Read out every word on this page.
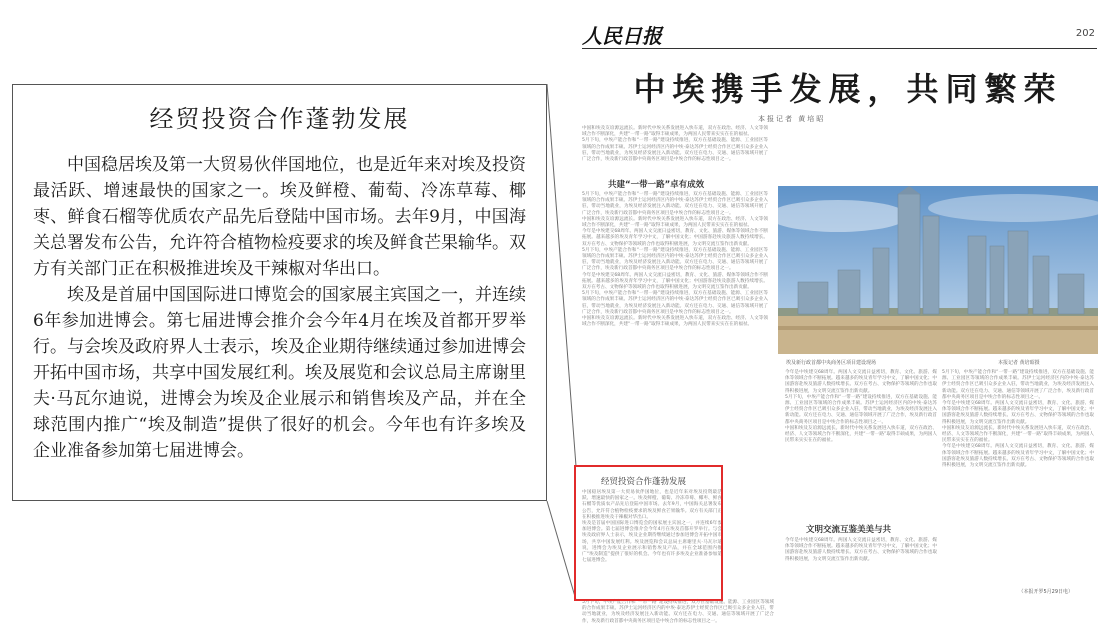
经贸投资合作蓬勃发展

中国稳居埃及第一大贸易伙伴国地位，也是近年来对埃及投资最活跃、增速最快的国家之一。埃及鲜橙、葡萄、冷冻草莓、椰枣、鲜食石榴等优质农产品先后登陆中国市场。去年9月，中国海关总署发布公告，允许符合植物检疫要求的埃及鲜食芒果输华。双方有关部门正在积极推进埃及干辣椒对华出口。

埃及是首届中国国际进口博览会的国家展主宾国之一，并连续6年参加进博会。第七届进博会推介会今年4月在埃及首都开罗举行。与会埃及政府界人士表示，埃及企业期待继续通过参加进博会开拓中国市场，共享中国发展红利。埃及展览和会议总局主席谢里夫·马瓦尔迪说，进博会为埃及企业展示和销售埃及产品，并在全球范围内推广“埃及制造”提供了很好的机会。今年也有许多埃及企业准备参加第七届进博会。

人民日报	202
中埃携手发展，共同繁荣
本报记者 黄培昭
中国和埃及友谊源远流长。新时代中埃关系发展进入快车道，双方在政治、经济、人文等领域合作不断深化，共建“一带一路”取得丰硕成果，为两国人民带来实实在在的福祉。
5月下旬，中埃产能合作和“一带一路”建设持续推进，双方在基础设施、能源、工业园区等领域的合作成果丰硕。苏伊士运河经济区内的中埃·泰达苏伊士经贸合作区已吸引众多企业入驻，带动当地就业，为埃及经济发展注入新动能。双方还在电力、交通、通信等领域开展了广泛合作，埃及新行政首都中央商务区项目是中埃合作的标志性项目之一。
共建“一带一路”卓有成效
5月下旬，中埃产能合作和“一带一路”建设持续推进，双方在基础设施、能源、工业园区等领域的合作成果丰硕。苏伊士运河经济区内的中埃·泰达苏伊士经贸合作区已吸引众多企业入驻，带动当地就业，为埃及经济发展注入新动能。双方还在电力、交通、通信等领域开展了广泛合作，埃及新行政首都中央商务区项目是中埃合作的标志性项目之一。
中国和埃及友谊源远流长。新时代中埃关系发展进入快车道，双方在政治、经济、人文等领域合作不断深化，共建“一带一路”取得丰硕成果，为两国人民带来实实在在的福祉。
今年是中埃建交68周年。两国人文交流日益密切，教育、文化、旅游、媒体等领域合作不断拓展。越来越多的埃及青年学习中文，了解中国文化；中国游客赴埃及旅游人数持续增长。双方在考古、文物保护等领域的合作也取得积极进展，为文明交流互鉴作出新贡献。
5月下旬，中埃产能合作和“一带一路”建设持续推进，双方在基础设施、能源、工业园区等领域的合作成果丰硕。苏伊士运河经济区内的中埃·泰达苏伊士经贸合作区已吸引众多企业入驻，带动当地就业，为埃及经济发展注入新动能。双方还在电力、交通、通信等领域开展了广泛合作，埃及新行政首都中央商务区项目是中埃合作的标志性项目之一。
今年是中埃建交68周年。两国人文交流日益密切，教育、文化、旅游、媒体等领域合作不断拓展。越来越多的埃及青年学习中文，了解中国文化；中国游客赴埃及旅游人数持续增长。双方在考古、文物保护等领域的合作也取得积极进展，为文明交流互鉴作出新贡献。
5月下旬，中埃产能合作和“一带一路”建设持续推进，双方在基础设施、能源、工业园区等领域的合作成果丰硕。苏伊士运河经济区内的中埃·泰达苏伊士经贸合作区已吸引众多企业入驻，带动当地就业，为埃及经济发展注入新动能。双方还在电力、交通、通信等领域开展了广泛合作，埃及新行政首都中央商务区项目是中埃合作的标志性项目之一。
中国和埃及友谊源远流长。新时代中埃关系发展进入快车道，双方在政治、经济、人文等领域合作不断深化，共建“一带一路”取得丰硕成果，为两国人民带来实实在在的福祉。
埃及新行政首都中央商务区项目建设现场	本报记者 黄培昭摄
今年是中埃建交68周年。两国人文交流日益密切，教育、文化、旅游、媒体等领域合作不断拓展。越来越多的埃及青年学习中文，了解中国文化；中国游客赴埃及旅游人数持续增长。双方在考古、文物保护等领域的合作也取得积极进展，为文明交流互鉴作出新贡献。
5月下旬，中埃产能合作和“一带一路”建设持续推进，双方在基础设施、能源、工业园区等领域的合作成果丰硕。苏伊士运河经济区内的中埃·泰达苏伊士经贸合作区已吸引众多企业入驻，带动当地就业，为埃及经济发展注入新动能。双方还在电力、交通、通信等领域开展了广泛合作，埃及新行政首都中央商务区项目是中埃合作的标志性项目之一。
中国和埃及友谊源远流长。新时代中埃关系发展进入快车道，双方在政治、经济、人文等领域合作不断深化，共建“一带一路”取得丰硕成果，为两国人民带来实实在在的福祉。
文明交流互鉴美美与共
今年是中埃建交68周年。两国人文交流日益密切，教育、文化、旅游、媒体等领域合作不断拓展。越来越多的埃及青年学习中文，了解中国文化；中国游客赴埃及旅游人数持续增长。双方在考古、文物保护等领域的合作也取得积极进展，为文明交流互鉴作出新贡献。
5月下旬，中埃产能合作和“一带一路”建设持续推进，双方在基础设施、能源、工业园区等领域的合作成果丰硕。苏伊士运河经济区内的中埃·泰达苏伊士经贸合作区已吸引众多企业入驻，带动当地就业，为埃及经济发展注入新动能。双方还在电力、交通、通信等领域开展了广泛合作，埃及新行政首都中央商务区项目是中埃合作的标志性项目之一。
今年是中埃建交68周年。两国人文交流日益密切，教育、文化、旅游、媒体等领域合作不断拓展。越来越多的埃及青年学习中文，了解中国文化；中国游客赴埃及旅游人数持续增长。双方在考古、文物保护等领域的合作也取得积极进展，为文明交流互鉴作出新贡献。
中国和埃及友谊源远流长。新时代中埃关系发展进入快车道，双方在政治、经济、人文等领域合作不断深化，共建“一带一路”取得丰硕成果，为两国人民带来实实在在的福祉。
今年是中埃建交68周年。两国人文交流日益密切，教育、文化、旅游、媒体等领域合作不断拓展。越来越多的埃及青年学习中文，了解中国文化；中国游客赴埃及旅游人数持续增长。双方在考古、文物保护等领域的合作也取得积极进展，为文明交流互鉴作出新贡献。
中国稳居埃及第一大贸易伙伴国地位，也是近年来对埃及投资最活跃、增速最快的国家之一。埃及鲜橙、葡萄、冷冻草莓、椰枣、鲜食石榴等优质农产品先后登陆中国市场。去年9月，中国海关总署发布公告，允许符合植物检疫要求的埃及鲜食芒果输华。双方有关部门正在积极推进埃及干辣椒对华出口。
埃及是首届中国国际进口博览会的国家展主宾国之一，并连续6年参加进博会。第七届进博会推介会今年4月在埃及首都开罗举行。与会埃及政府界人士表示，埃及企业期待继续通过参加进博会开拓中国市场，共享中国发展红利。埃及展览和会议总局主席谢里夫·马瓦尔迪说，进博会为埃及企业展示和销售埃及产品，并在全球范围内推广“埃及制造”提供了很好的机会。今年也有许多埃及企业准备参加第七届进博会。
5月下旬，中埃产能合作和“一带一路”建设持续推进，双方在基础设施、能源、工业园区等领域的合作成果丰硕。苏伊士运河经济区内的中埃·泰达苏伊士经贸合作区已吸引众多企业入驻，带动当地就业，为埃及经济发展注入新动能。双方还在电力、交通、通信等领域开展了广泛合作，埃及新行政首都中央商务区项目是中埃合作的标志性项目之一。
（本报开罗5月29日电）
经贸投资合作蓬勃发展
